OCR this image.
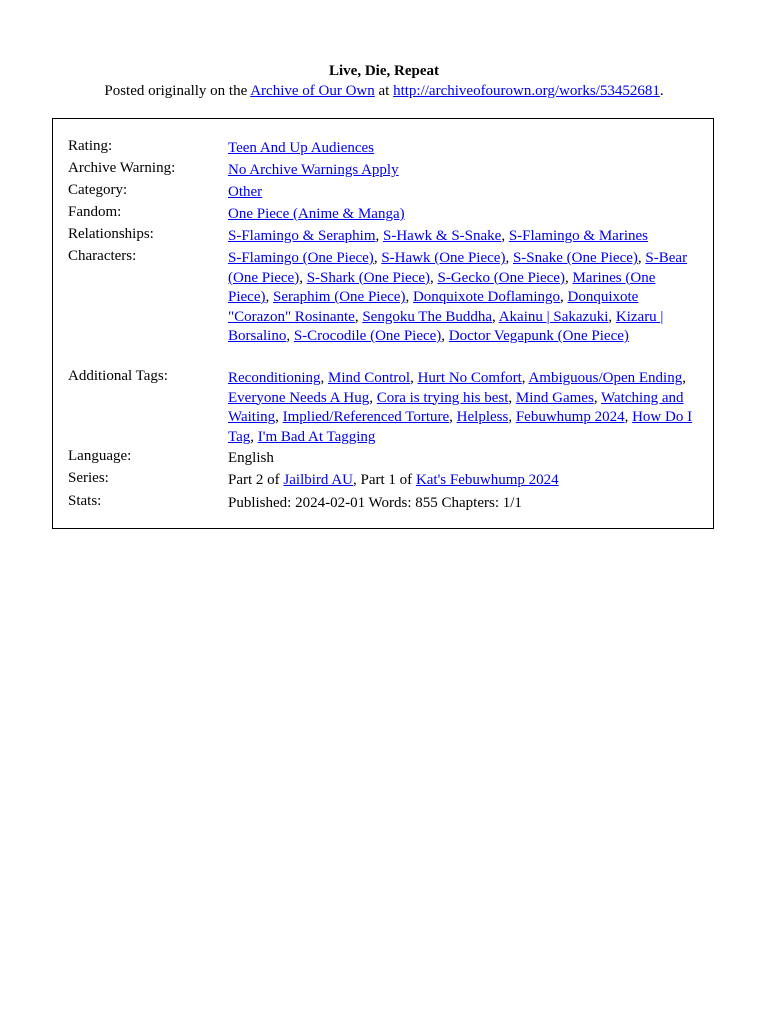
Live, Die, Repeat
Posted originally on the Archive of Our Own at http://archiveofourown.org/works/53452681.
Rating:	Teen And Up Audiences
Archive Warning:	No Archive Warnings Apply
Category:	Other
Fandom:	One Piece (Anime & Manga)
Relationships:	S-Flamingo & Seraphim, S-Hawk & S-Snake, S-Flamingo & Marines
Characters:	S-Flamingo (One Piece), S-Hawk (One Piece), S-Snake (One Piece), S-Bear (One Piece), S-Shark (One Piece), S-Gecko (One Piece), Marines (One Piece), Seraphim (One Piece), Donquixote Doflamingo, Donquixote "Corazon" Rosinante, Sengoku The Buddha, Akainu | Sakazuki, Kizaru | Borsalino, S-Crocodile (One Piece), Doctor Vegapunk (One Piece)
Additional Tags:	Reconditioning, Mind Control, Hurt No Comfort, Ambiguous/Open Ending, Everyone Needs A Hug, Cora is trying his best, Mind Games, Watching and Waiting, Implied/Referenced Torture, Helpless, Febuwhump 2024, How Do I Tag, I'm Bad At Tagging
Language:	English
Series:	Part 2 of Jailbird AU, Part 1 of Kat's Febuwhump 2024
Stats:	Published: 2024-02-01 Words: 855 Chapters: 1/1
